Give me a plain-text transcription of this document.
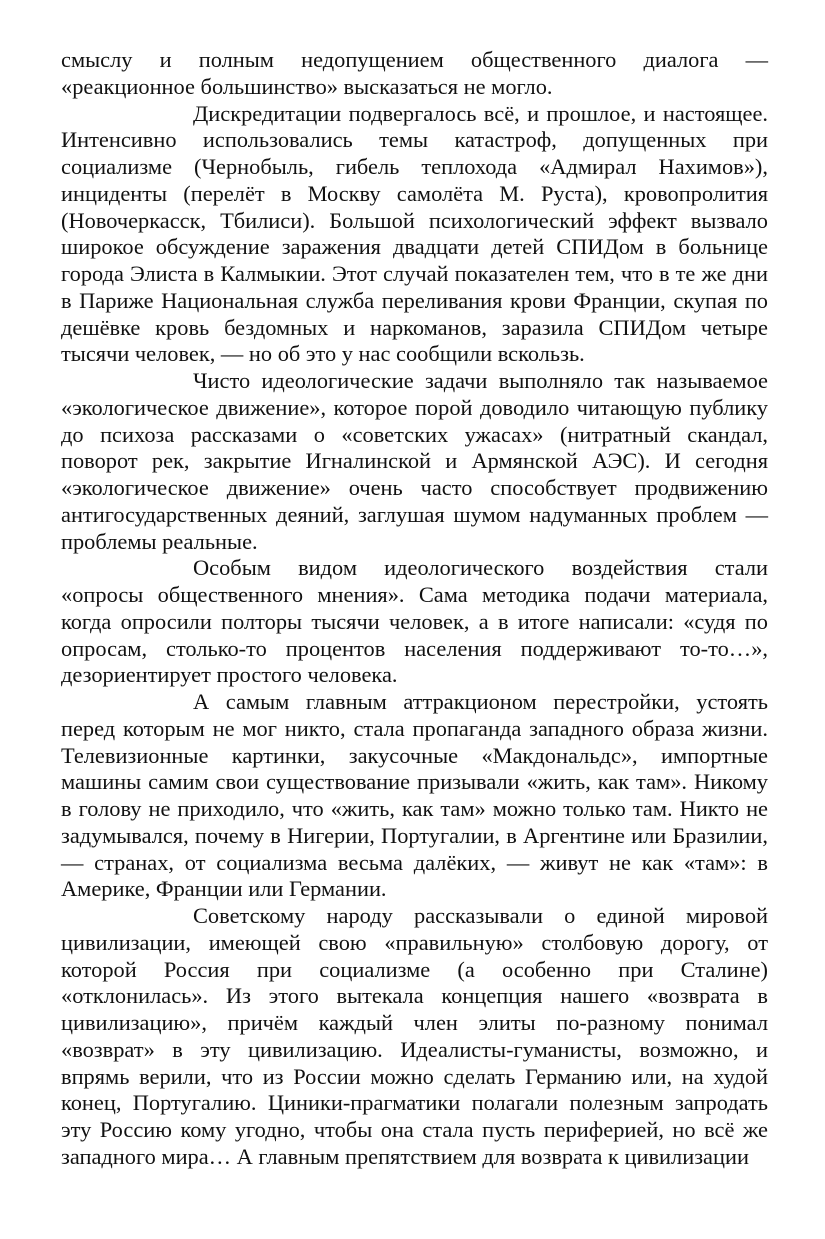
смыслу и полным недопущением общественного диалога — «реакционное большинство» высказаться не могло.

Дискредитации подвергалось всё, и прошлое, и настоящее. Интенсивно использовались темы катастроф, допущенных при социализме (Чернобыль, гибель теплохода «Адмирал Нахимов»), инциденты (перелёт в Москву самолёта М. Руста), кровопролития (Новочеркасск, Тбилиси). Большой психологический эффект вызвало широкое обсуждение заражения двадцати детей СПИДом в больнице города Элиста в Калмыкии. Этот случай показателен тем, что в те же дни в Париже Национальная служба переливания крови Франции, скупая по дешёвке кровь бездомных и наркоманов, заразила СПИДом четыре тысячи человек, — но об это у нас сообщили вскользь.

Чисто идеологические задачи выполняло так называемое «экологическое движение», которое порой доводило читающую публику до психоза рассказами о «советских ужасах» (нитратный скандал, поворот рек, закрытие Игналинской и Армянской АЭС). И сегодня «экологическое движение» очень часто способствует продвижению антигосударственных деяний, заглушая шумом надуманных проблем — проблемы реальные.

Особым видом идеологического воздействия стали «опросы общественного мнения». Сама методика подачи материала, когда опросили полторы тысячи человек, а в итоге написали: «судя по опросам, столько-то процентов населения поддерживают то-то…», дезориентирует простого человека.

А самым главным аттракционом перестройки, устоять перед которым не мог никто, стала пропаганда западного образа жизни. Телевизионные картинки, закусочные «Макдональдс», импортные машины самим свои существование призывали «жить, как там». Никому в голову не приходило, что «жить, как там» можно только там. Никто не задумывался, почему в Нигерии, Португалии, в Аргентине или Бразилии, — странах, от социализма весьма далёких, — живут не как «там»: в Америке, Франции или Германии.

Советскому народу рассказывали о единой мировой цивилизации, имеющей свою «правильную» столбовую дорогу, от которой Россия при социализме (а особенно при Сталине) «отклонилась». Из этого вытекала концепция нашего «возврата в цивилизацию», причём каждый член элиты по-разному понимал «возврат» в эту цивилизацию. Идеалисты-гуманисты, возможно, и впрямь верили, что из России можно сделать Германию или, на худой конец, Португалию. Циники-прагматики полагали полезным запродать эту Россию кому угодно, чтобы она стала пусть периферией, но всё же западного мира… А главным препятствием для возврата к цивилизации
